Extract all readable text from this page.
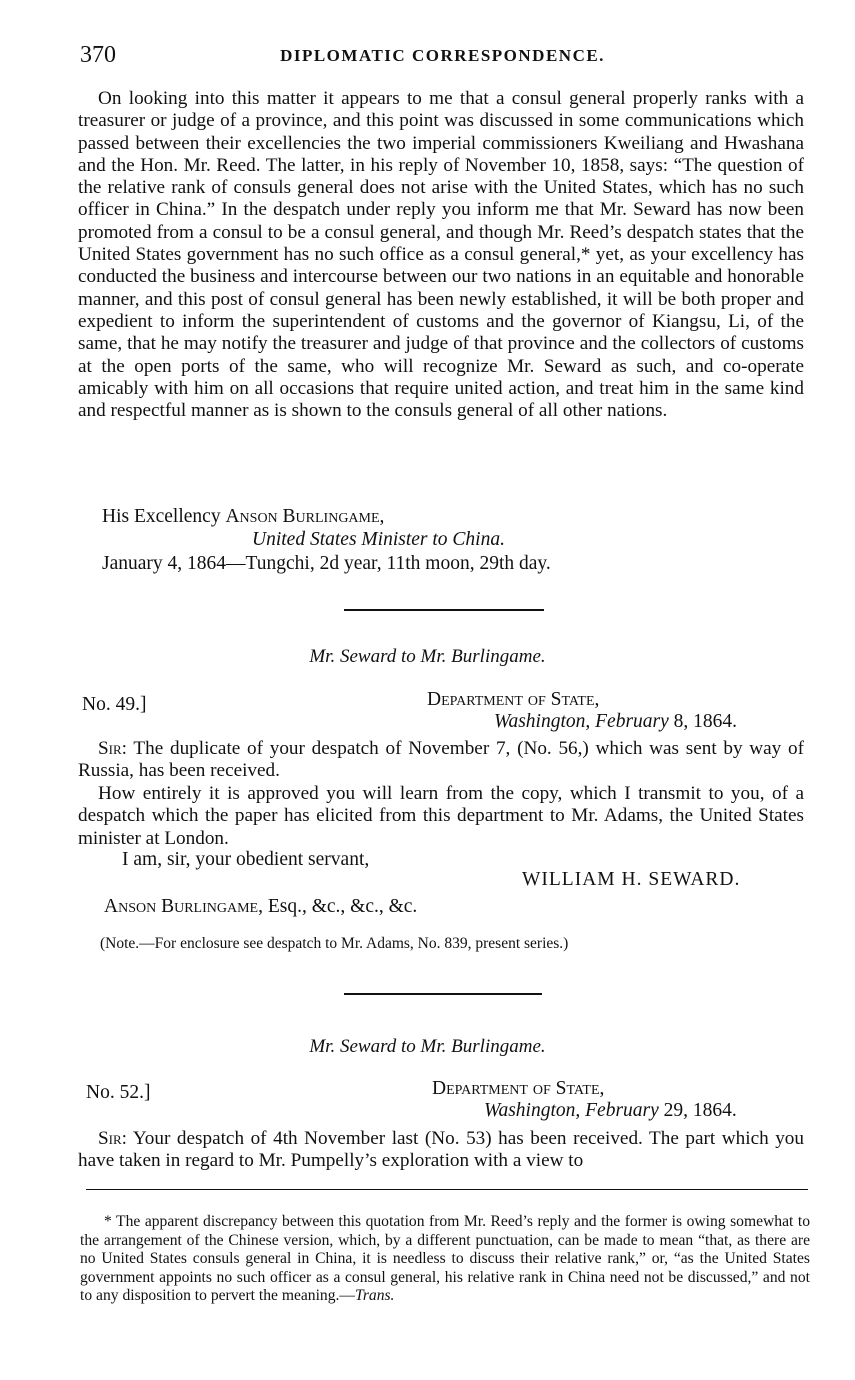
370	DIPLOMATIC CORRESPONDENCE.
On looking into this matter it appears to me that a consul general properly ranks with a treasurer or judge of a province, and this point was discussed in some communications which passed between their excellencies the two imperial commissioners Kweiliang and Hwashana and the Hon. Mr. Reed. The latter, in his reply of November 10, 1858, says: “The question of the relative rank of consuls general does not arise with the United States, which has no such officer in China.” In the despatch under reply you inform me that Mr. Seward has now been promoted from a consul to be a consul general, and though Mr. Reed’s despatch states that the United States government has no such office as a consul general,* yet, as your excellency has conducted the business and intercourse between our two nations in an equitable and honorable manner, and this post of consul general has been newly established, it will be both proper and expedient to inform the superintendent of customs and the governor of Kiangsu, Li, of the same, that he may notify the treasurer and judge of that province and the collectors of customs at the open ports of the same, who will recognize Mr. Seward as such, and co-operate amicably with him on all occasions that require united action, and treat him in the same kind and respectful manner as is shown to the consuls general of all other nations.
His Excellency Anson Burlingame,
United States Minister to China.
January 4, 1864—Tungchi, 2d year, 11th moon, 29th day.
Mr. Seward to Mr. Burlingame.
No. 49.]	Department of State,
Washington, February 8, 1864.
Sir: The duplicate of your despatch of November 7, (No. 56,) which was sent by way of Russia, has been received.
How entirely it is approved you will learn from the copy, which I transmit to you, of a despatch which the paper has elicited from this department to Mr. Adams, the United States minister at London.
I am, sir, your obedient servant,
WILLIAM H. SEWARD.
Anson Burlingame, Esq., &c., &c., &c.
(Note.—For enclosure see despatch to Mr. Adams, No. 839, present series.)
Mr. Seward to Mr. Burlingame.
No. 52.]	Department of State,
Washington, February 29, 1864.
Sir: Your despatch of 4th November last (No. 53) has been received. The part which you have taken in regard to Mr. Pumpelly’s exploration with a view to
* The apparent discrepancy between this quotation from Mr. Reed’s reply and the former is owing somewhat to the arrangement of the Chinese version, which, by a different punctuation, can be made to mean “that, as there are no United States consuls general in China, it is needless to discuss their relative rank,” or, “as the United States government appoints no such officer as a consul general, his relative rank in China need not be discussed,” and not to any disposition to pervert the meaning.—Trans.
